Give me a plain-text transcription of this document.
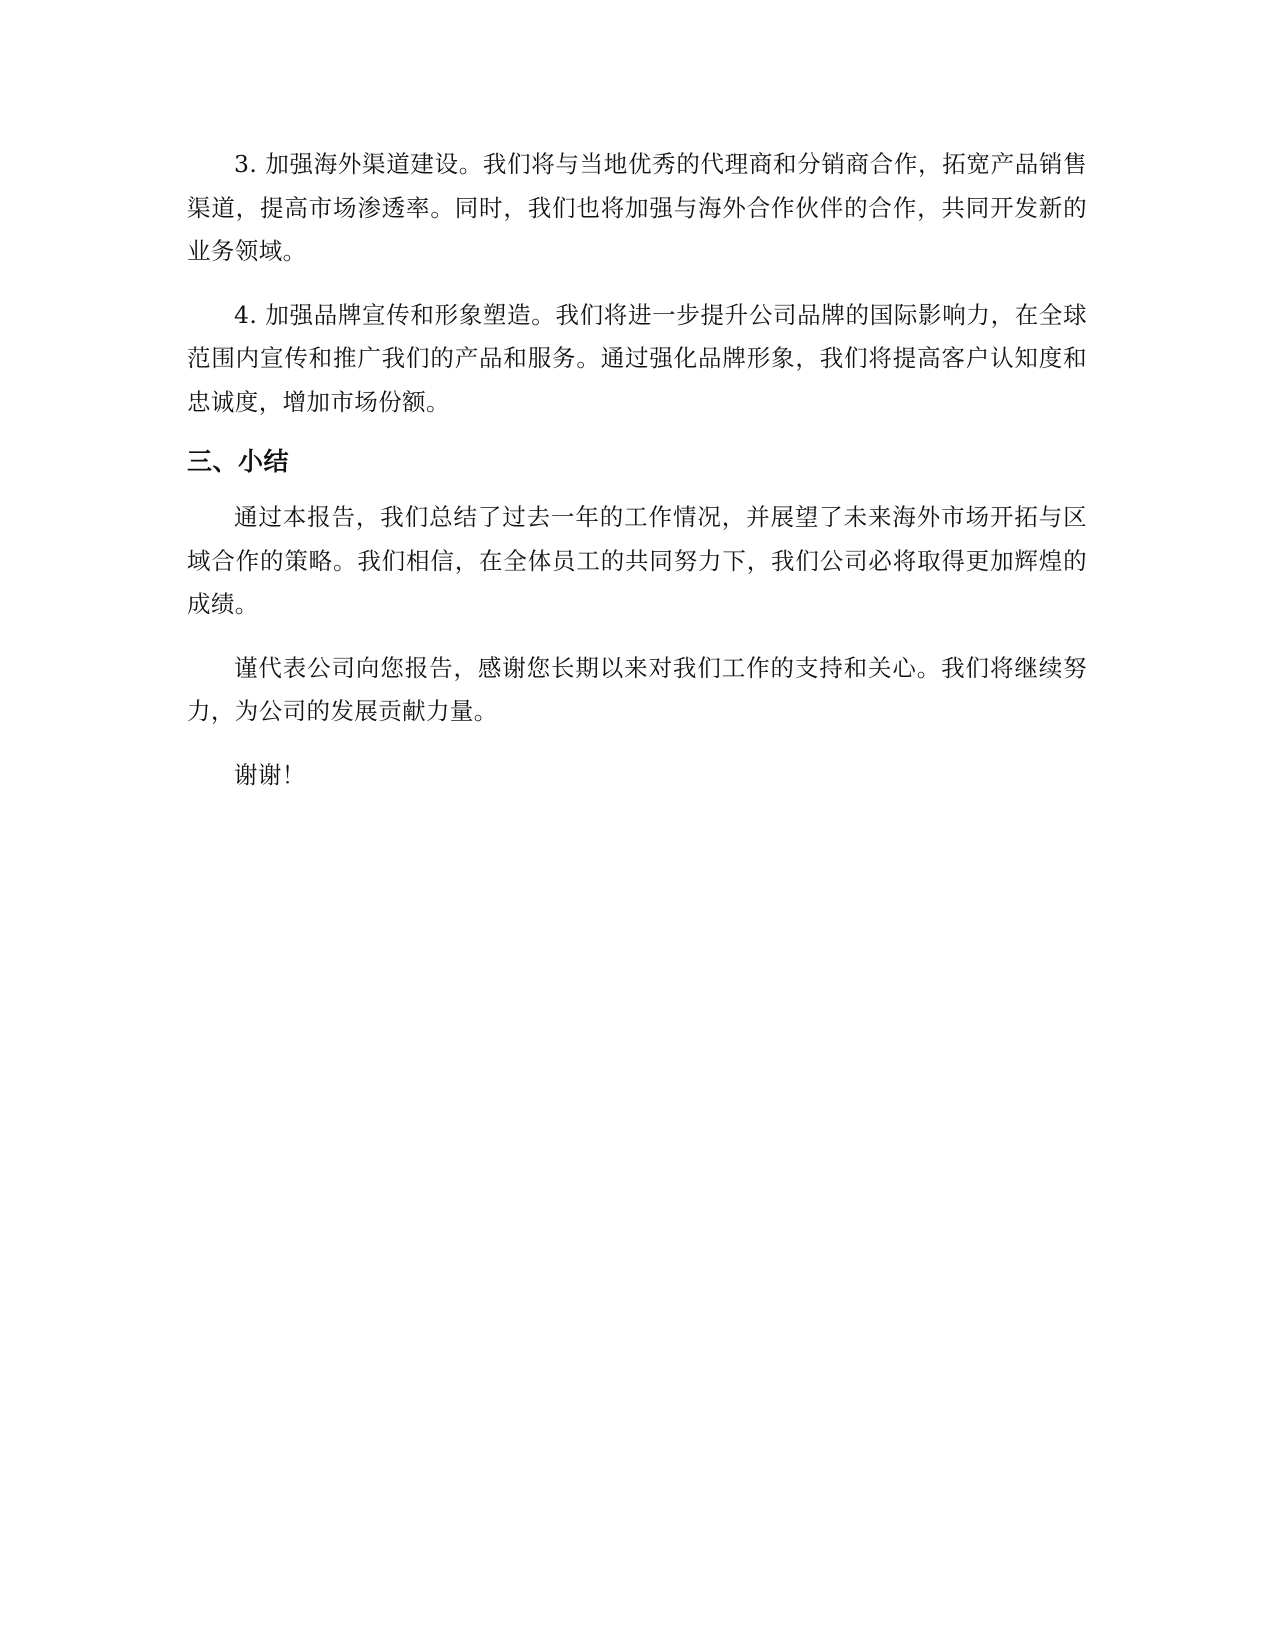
3. 加强海外渠道建设。我们将与当地优秀的代理商和分销商合作，拓宽产品销售渠道，提高市场渗透率。同时，我们也将加强与海外合作伙伴的合作，共同开发新的业务领域。

4. 加强品牌宣传和形象塑造。我们将进一步提升公司品牌的国际影响力，在全球范围内宣传和推广我们的产品和服务。通过强化品牌形象，我们将提高客户认知度和忠诚度，增加市场份额。

三、小结

通过本报告，我们总结了过去一年的工作情况，并展望了未来海外市场开拓与区域合作的策略。我们相信，在全体员工的共同努力下，我们公司必将取得更加辉煌的成绩。

谨代表公司向您报告，感谢您长期以来对我们工作的支持和关心。我们将继续努力，为公司的发展贡献力量。

谢谢！
